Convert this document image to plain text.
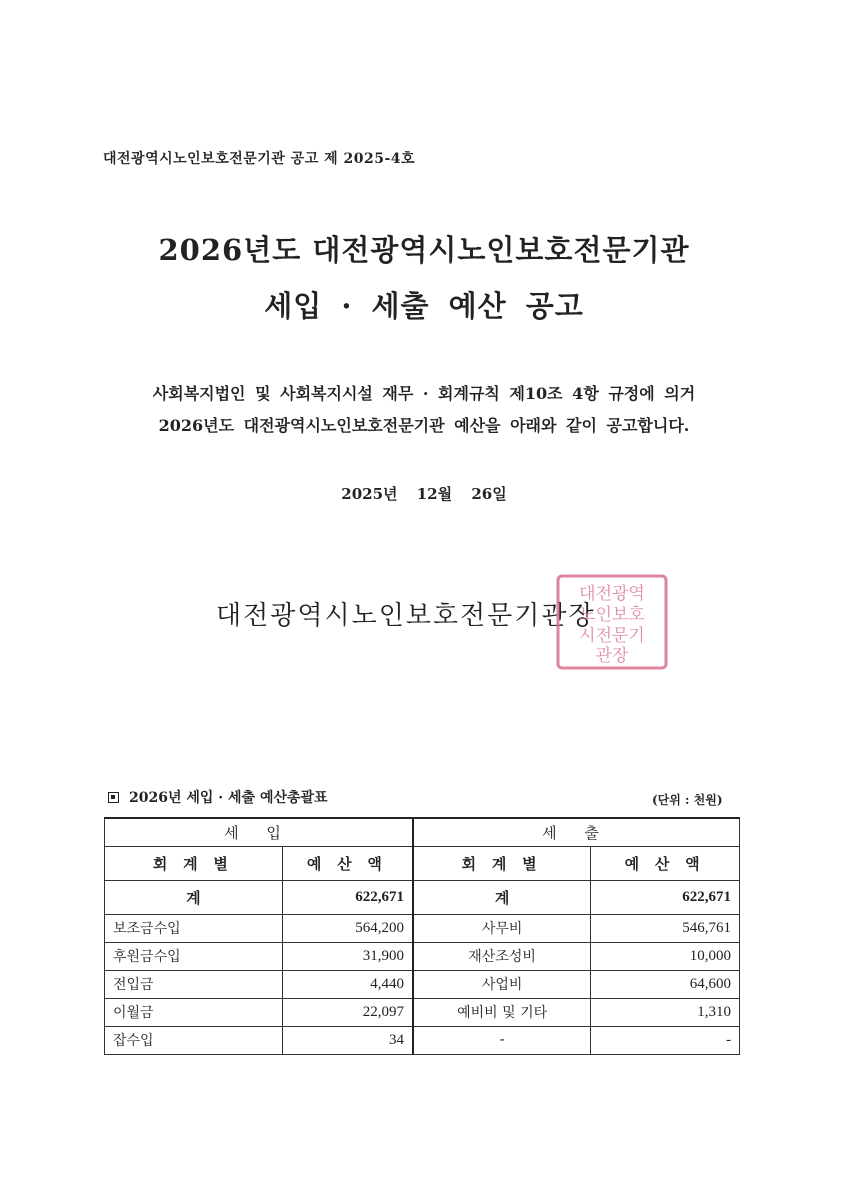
대전광역시노인보호전문기관 공고 제 2025-4호
2026년도 대전광역시노인보호전문기관
세입 · 세출 예산 공고
사회복지법인 및 사회복지시설 재무 · 회계규칙 제10조 4항 규정에 의거
2026년도 대전광역시노인보호전문기관 예산을 아래와 같이 공고합니다.
2025년 12월 26일
대전광역시노인보호전문기관장
대전광역
노인보호
시전문기
관장
2026년 세입 · 세출 예산총괄표	(단위 : 천원)
세 입		세 출	
회 계 별	예 산 액	회 계 별	예 산 액
계	622,671	계	622,671
보조금수입	564,200	사무비	546,761
후원금수입	31,900	재산조성비	10,000
전입금	4,440	사업비	64,600
이월금	22,097	예비비 및 기타	1,310
잡수입	34	-	-
